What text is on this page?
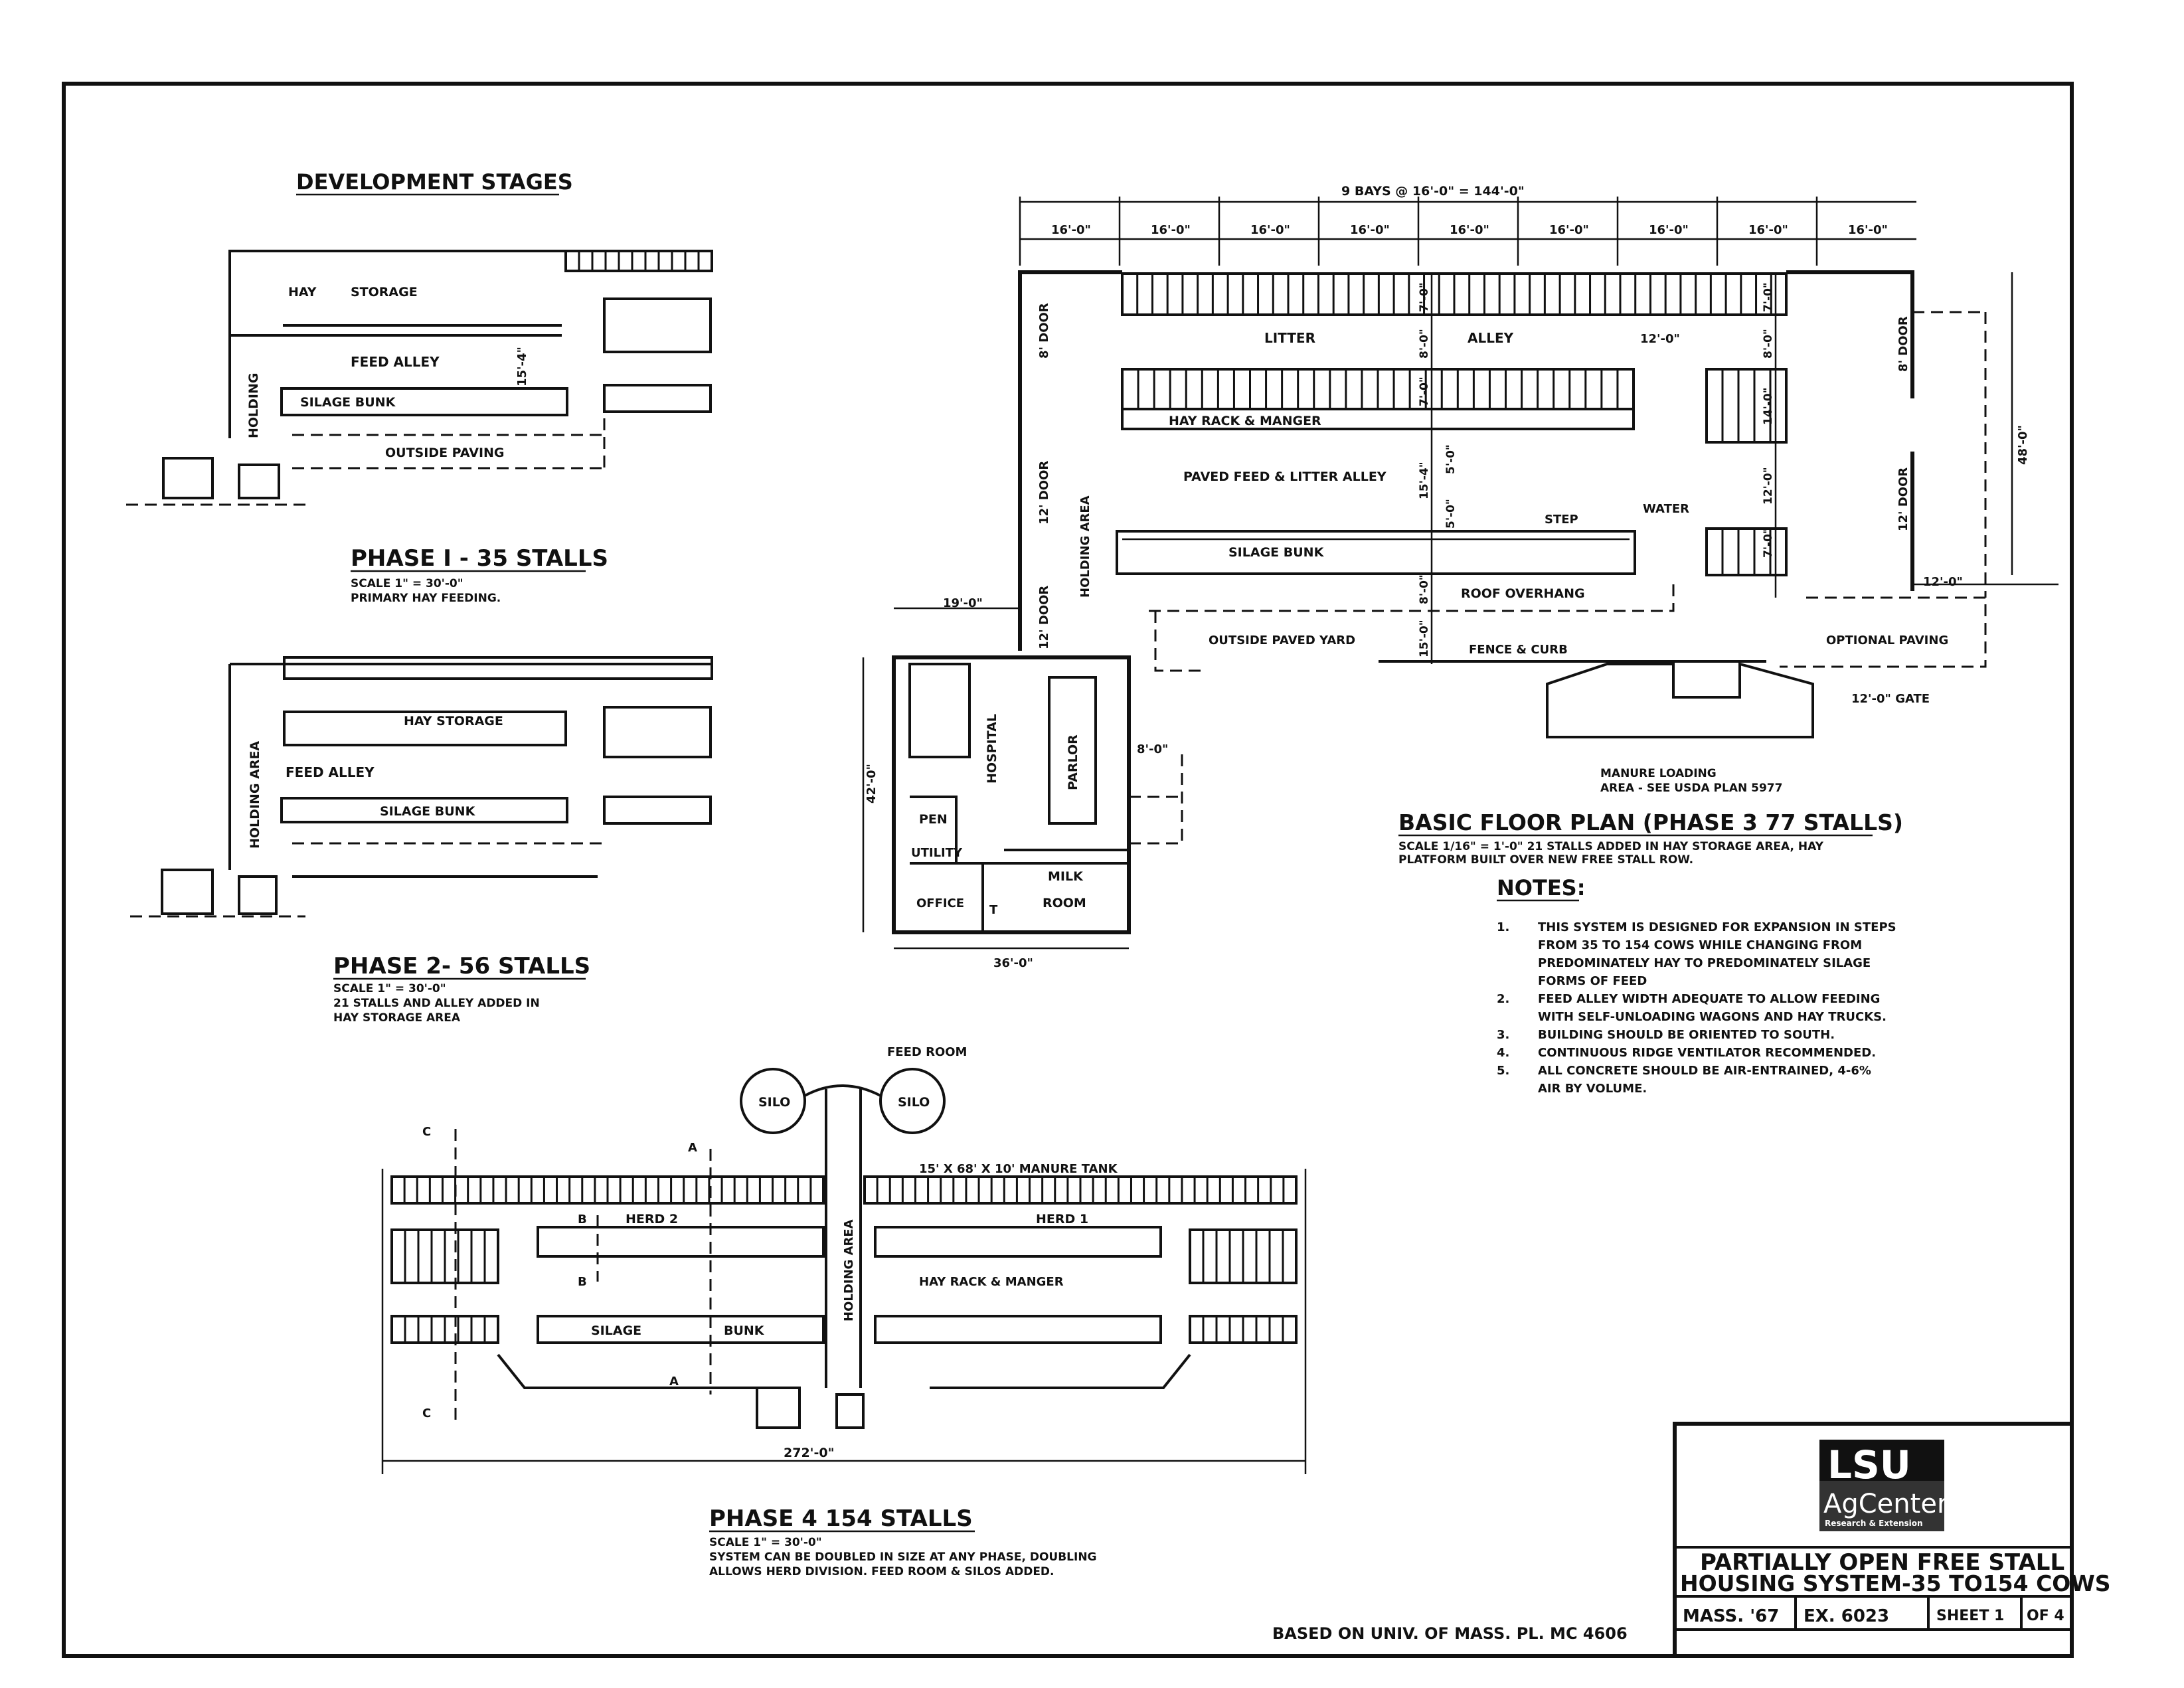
DEVELOPMENT STAGES
HAY	STORAGE
FEED ALLEY	15'-4"
SILAGE BUNK
HOLDING
OUTSIDE PAVING
PHASE I - 35 STALLS
SCALE 1" = 30'-0"
PRIMARY HAY FEEDING.
HAY STORAGE
FEED ALLEY
SILAGE BUNK
HOLDING AREA
PHASE 2- 56 STALLS
SCALE 1" = 30'-0"
21 STALLS AND ALLEY ADDED IN
HAY STORAGE AREA
9 BAYS @ 16'-0" = 144'-0"
16'-0"	16'-0"	16'-0"	16'-0"	16'-0"	16'-0"	16'-0"	16'-0"	16'-0"
LITTER	ALLEY
HAY RACK & MANGER
PAVED FEED & LITTER ALLEY
SILAGE BUNK
ROOF OVERHANG
OUTSIDE PAVED YARD
FENCE & CURB
OPTIONAL PAVING
STEP
WATER
12'-0" GATE
MANURE LOADING
AREA - SEE USDA PLAN 5977
8' DOOR
12' DOOR
12' DOOR
HOLDING AREA
8' DOOR
12' DOOR
HOSPITAL	PARLOR
PEN
UTILITY
OFFICE T
MILK
ROOM
19'-0"
42'-0"
36'-0"
8'-0"
48'-0"
12'-0"
12'-0"
7'-0"
8'-0"
7'-0"
15'-4"
5'-0"
5'-0"
8'-0"
15'-0"
7'-0"
8'-0"
14'-0"
12'-0"
7'-0"
BASIC FLOOR PLAN (PHASE 3 77 STALLS)
SCALE 1/16" = 1'-0" 21 STALLS ADDED IN HAY STORAGE AREA, HAY
PLATFORM BUILT OVER NEW FREE STALL ROW.
NOTES:
1. THIS SYSTEM IS DESIGNED FOR EXPANSION IN STEPS
FROM 35 TO 154 COWS WHILE CHANGING FROM
PREDOMINATELY HAY TO PREDOMINATELY SILAGE
FORMS OF FEED
2. FEED ALLEY WIDTH ADEQUATE TO ALLOW FEEDING
WITH SELF-UNLOADING WAGONS AND HAY TRUCKS.
3. BUILDING SHOULD BE ORIENTED TO SOUTH.
4. CONTINUOUS RIDGE VENTILATOR RECOMMENDED.
5. ALL CONCRETE SHOULD BE AIR-ENTRAINED, 4-6%
AIR BY VOLUME.
FEED ROOM
SILO	SILO
15' X 68' X 10' MANURE TANK
HERD 2	HERD 1
HOLDING AREA	HAY RACK & MANGER
SILAGE	BUNK
272'-0"
A
A
B
B
C
C
PHASE 4 154 STALLS
SCALE 1" = 30'-0"
SYSTEM CAN BE DOUBLED IN SIZE AT ANY PHASE, DOUBLING
ALLOWS HERD DIVISION. FEED ROOM & SILOS ADDED.
BASED ON UNIV. OF MASS. PL. MC 4606
LSU
AgCenter
Research & Extension
PARTIALLY OPEN FREE STALL
HOUSING SYSTEM-35 TO154 COWS
MASS. '67 EX. 6023	SHEET 1 OF 4
